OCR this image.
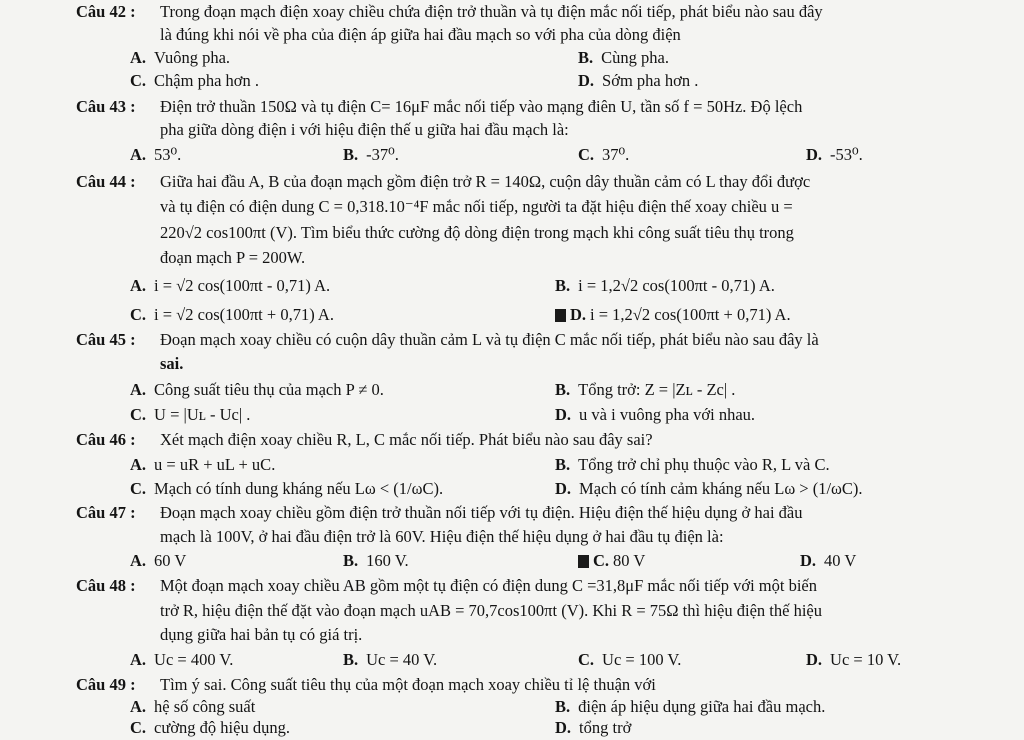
Câu 42 : Trong đoạn mạch điện xoay chiều chứa điện trở thuần và tụ điện mắc nối tiếp, phát biểu nào sau đây
là đúng khi nói về pha của điện áp giữa hai đầu mạch so với pha của dòng điện
A. Vuông pha.	B. Cùng pha.
C. Chậm pha hơn .	D. Sớm pha hơn .
Câu 43 : Điện trở thuần 150Ω và tụ điện C= 16μF mắc nối tiếp vào mạng điên U, tần số f = 50Hz. Độ lệch
pha giữa dòng điện i với hiệu điện thế u giữa hai đầu mạch là:
A. 53⁰.	B. -37⁰.	C. 37⁰.	D. -53⁰.
Câu 44 : Giữa hai đầu A, B của đoạn mạch gồm điện trở R = 140Ω, cuộn dây thuần cảm có L thay đổi được
và tụ điện có điện dung C = 0,318.10⁻⁴F mắc nối tiếp, người ta đặt hiệu điện thế xoay chiều u =
220√2 cos100πt (V). Tìm biểu thức cường độ dòng điện trong mạch khi công suất tiêu thụ trong
đoạn mạch P = 200W.
A. i = √2 cos(100πt - 0,71) A.	B. i = 1,2√2 cos(100πt - 0,71) A.
C. i = √2 cos(100πt + 0,71) A.	D. i = 1,2√2 cos(100πt + 0,71) A.
Câu 45 : Đoạn mạch xoay chiều có cuộn dây thuần cảm L và tụ điện C mắc nối tiếp, phát biểu nào sau đây là
sai.
A. Công suất tiêu thụ của mạch P ≠ 0.	B. Tổng trở: Z = |Zʟ - Zc| .
C. U = |Uʟ - Uc| .	D. u và i vuông pha với nhau.
Câu 46 : Xét mạch điện xoay chiều R, L, C mắc nối tiếp. Phát biểu nào sau đây sai?
A. u = uR + uL + uC.	B. Tổng trở chỉ phụ thuộc vào R, L và C.
C. Mạch có tính dung kháng nếu Lω < (1/ωC).	D. Mạch có tính cảm kháng nếu Lω > (1/ωC).
Câu 47 : Đoạn mạch xoay chiều gồm điện trở thuần nối tiếp với tụ điện. Hiệu điện thế hiệu dụng ở hai đầu
mạch là 100V, ở hai đầu điện trở là 60V. Hiệu điện thế hiệu dụng ở hai đầu tụ điện là:
A. 60 V	B. 160 V.	C. 80 V	D. 40 V
Câu 48 : Một đoạn mạch xoay chiều AB gồm một tụ điện có điện dung C =31,8μF mắc nối tiếp với một biến
trở R, hiệu điện thế đặt vào đoạn mạch uAB = 70,7cos100πt (V). Khi R = 75Ω thì hiệu điện thế hiệu
dụng giữa hai bản tụ có giá trị.
A. Uc = 400 V.	B. Uc = 40 V.	C. Uc = 100 V.	D. Uc = 10 V.
Câu 49 : Tìm ý sai. Công suất tiêu thụ của một đoạn mạch xoay chiều tỉ lệ thuận với
A. hệ số công suất	B. điện áp hiệu dụng giữa hai đầu mạch.
C. cường độ hiệu dụng.	D. tổng trở
